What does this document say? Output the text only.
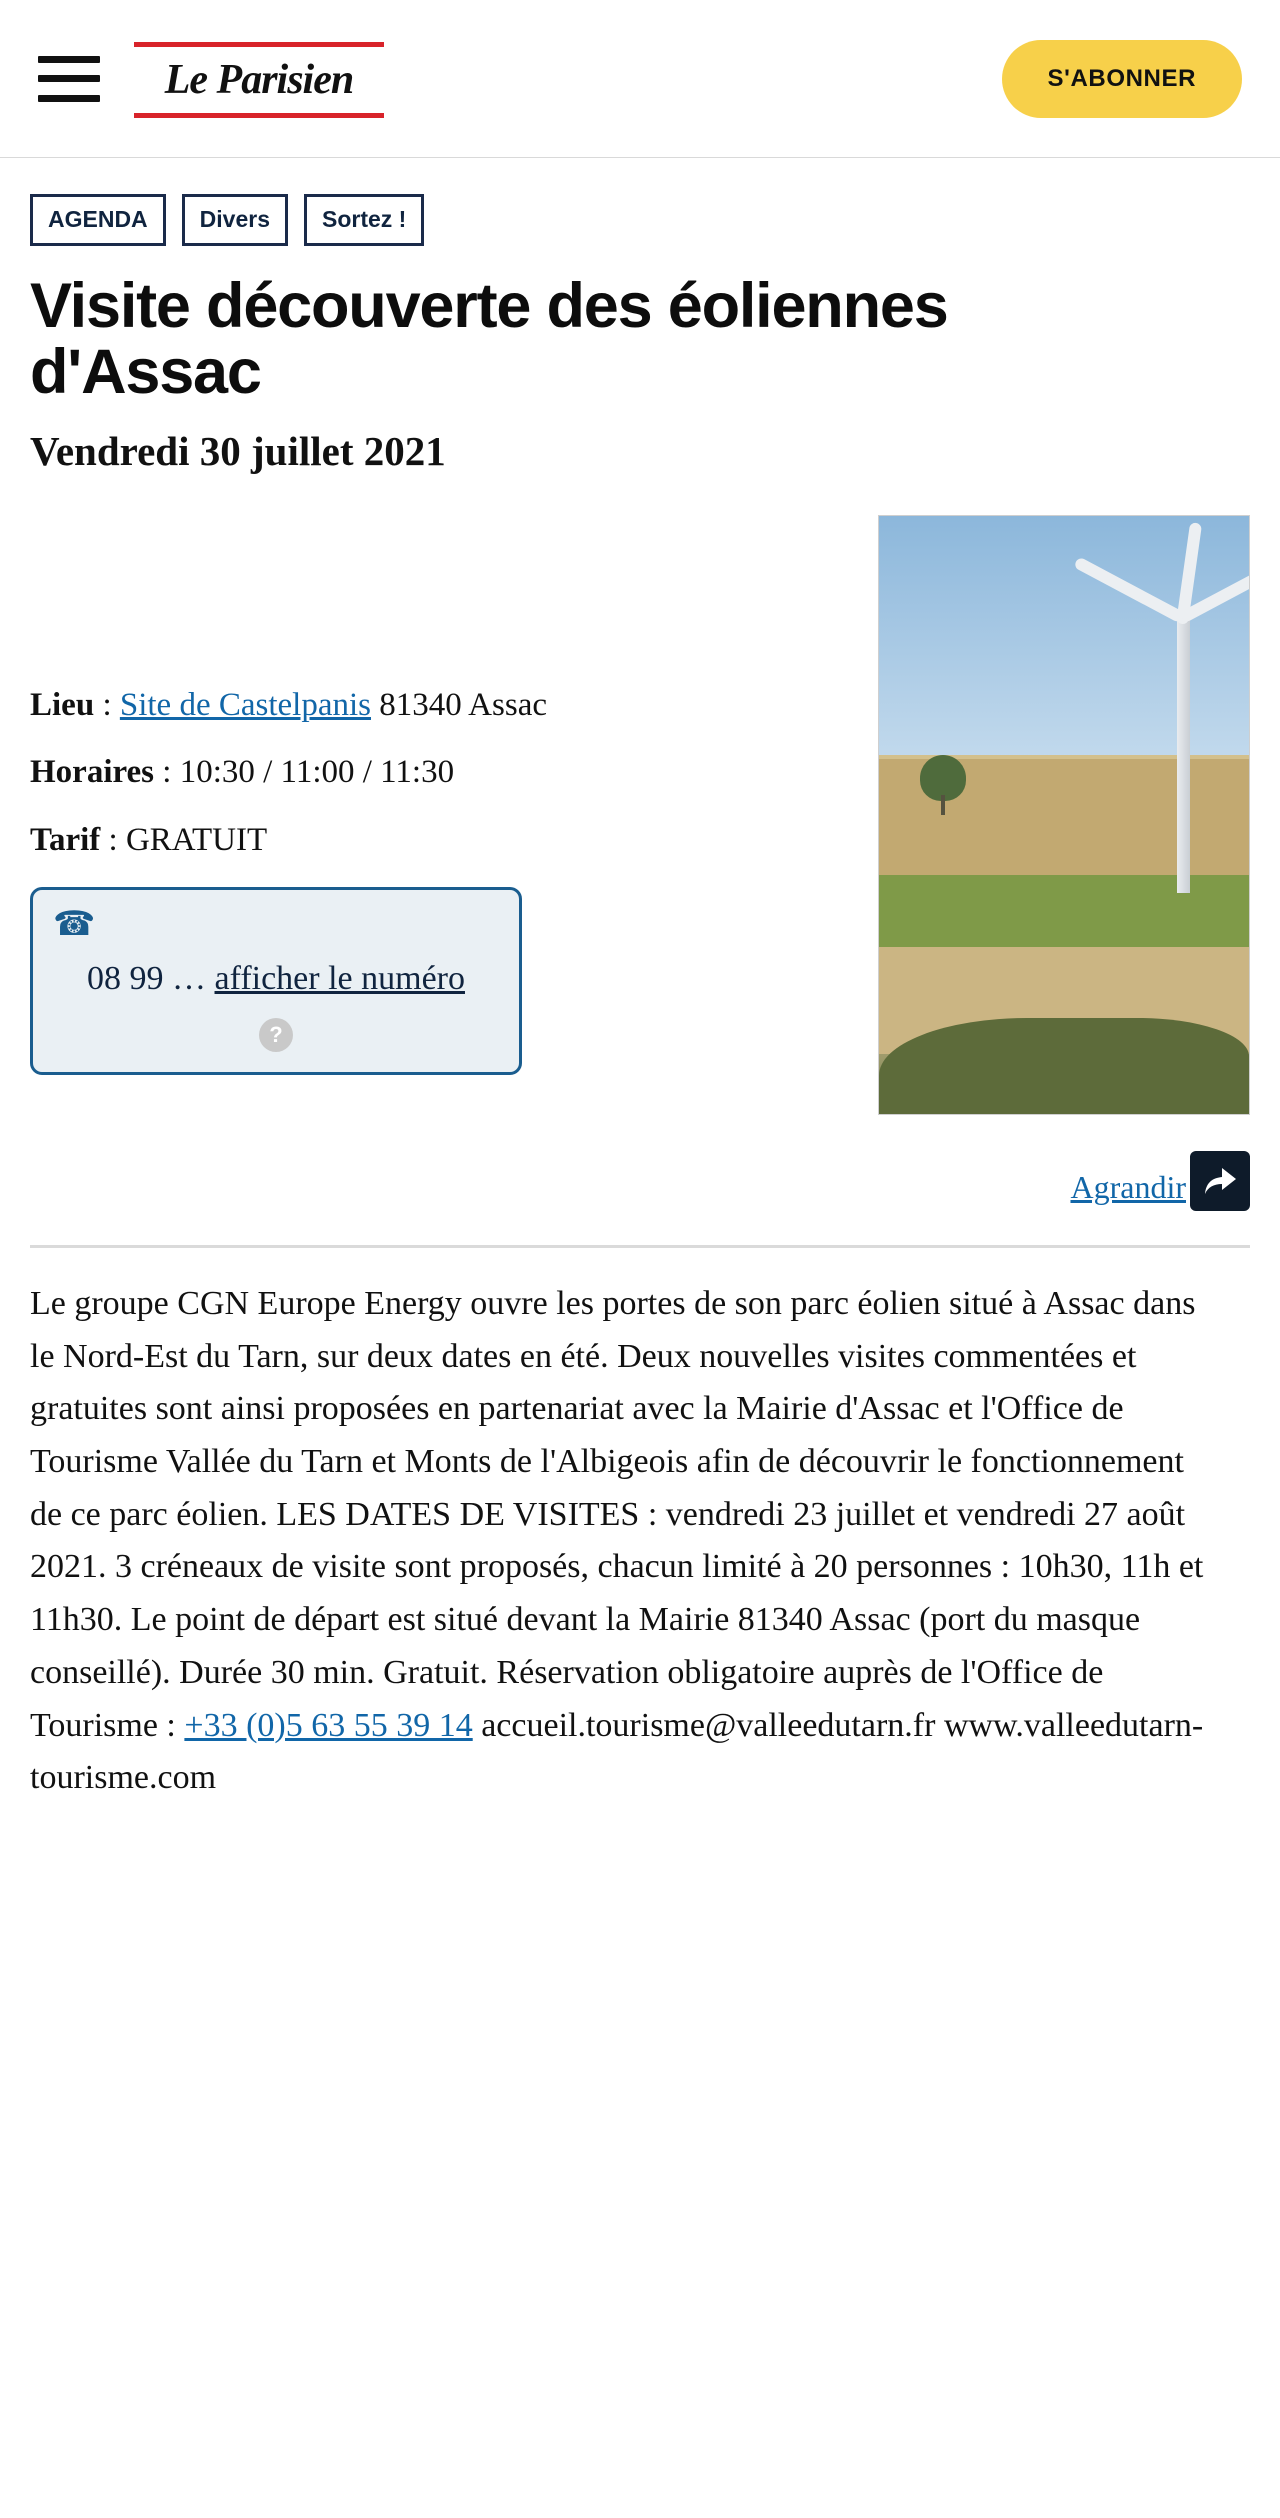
Le Parisien	S'ABONNER
AGENDA	Divers	Sortez !
Visite découverte des éoliennes d'Assac
Vendredi 30 juillet 2021
Lieu : Site de Castelpanis 81340 Assac
Horaires : 10:30 / 11:00 / 11:30
Tarif : GRATUIT
☎
08 99 … afficher le numéro
?
Agrandir
Le groupe CGN Europe Energy ouvre les portes de son parc éolien situé à Assac dans le Nord-Est du Tarn, sur deux dates en été. Deux nouvelles visites commentées et gratuites sont ainsi proposées en partenariat avec la Mairie d'Assac et l'Office de Tourisme Vallée du Tarn et Monts de l'Albigeois afin de découvrir le fonctionnement de ce parc éolien. LES DATES DE VISITES : vendredi 23 juillet et vendredi 27 août 2021. 3 créneaux de visite sont proposés, chacun limité à 20 personnes : 10h30, 11h et 11h30. Le point de départ est situé devant la Mairie 81340 Assac (port du masque conseillé). Durée 30 min. Gratuit. Réservation obligatoire auprès de l'Office de Tourisme : +33 (0)5 63 55 39 14 accueil.tourisme@valleedutarn.fr www.valleedutarn-tourisme.com
